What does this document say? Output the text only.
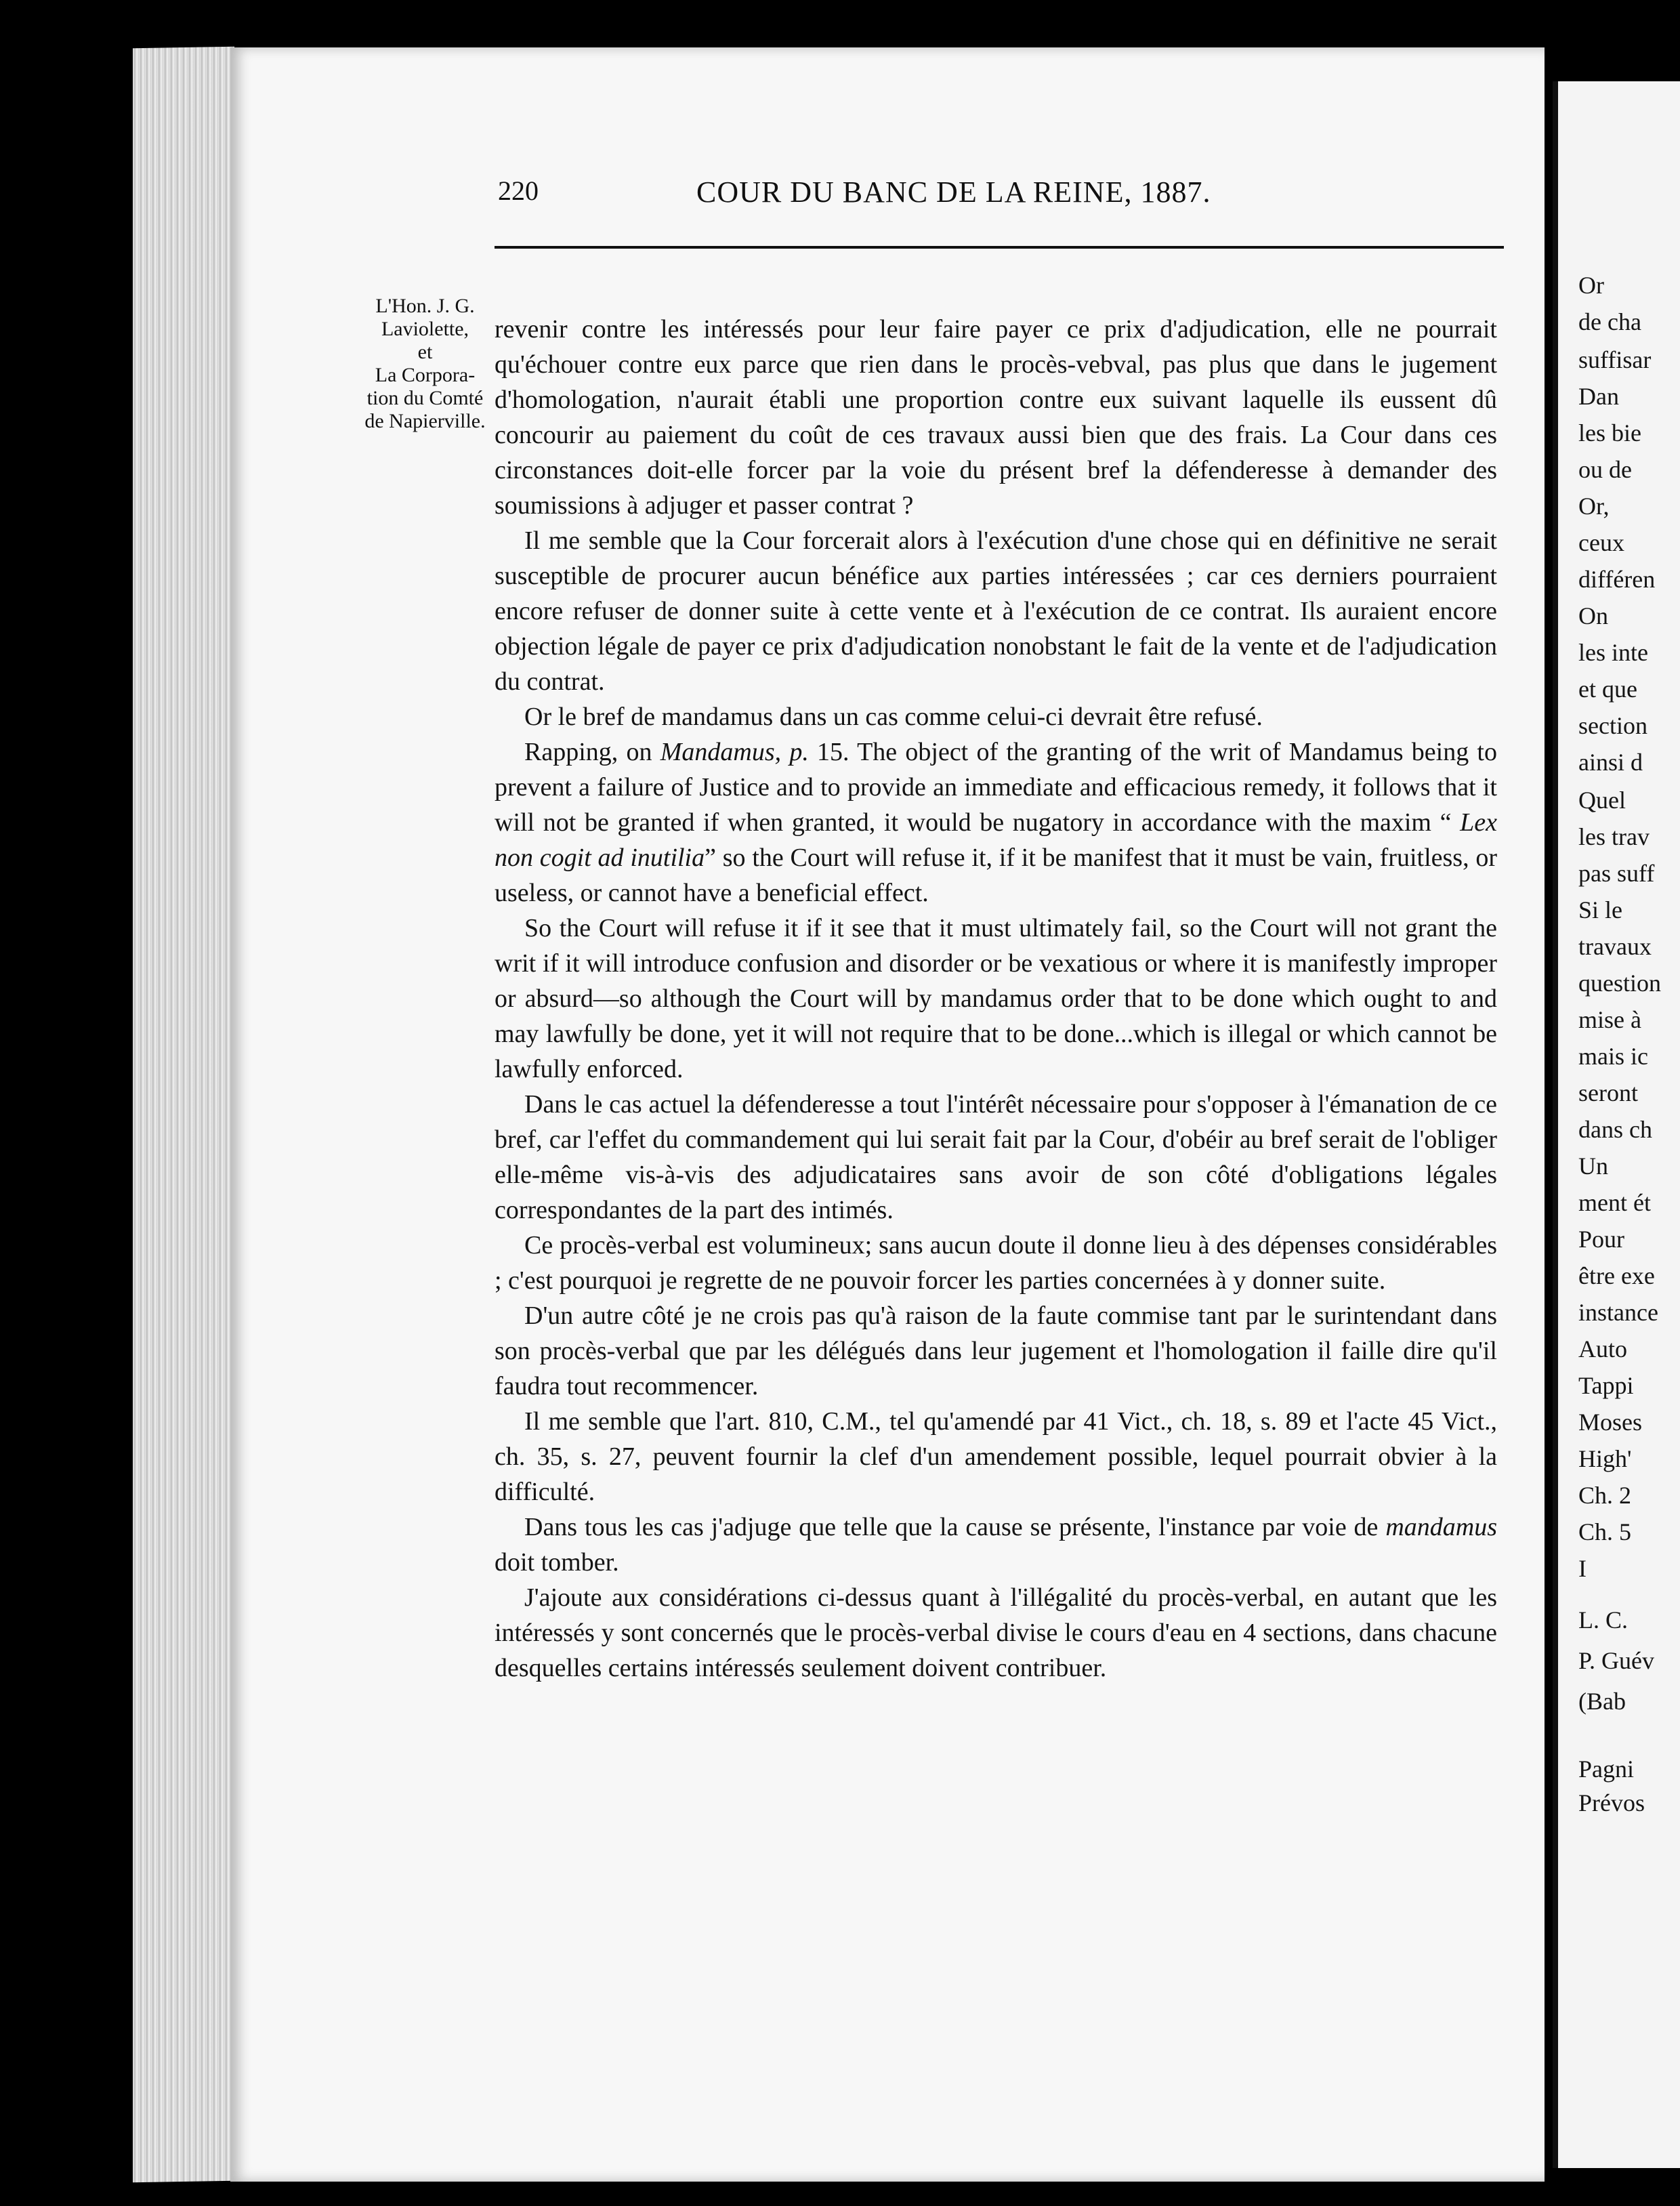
220	COUR DU BANC DE LA REINE, 1887.
L'Hon. J. G.
Laviolette,
et
La Corpora-
tion du Comté
de Napierville.

revenir contre les intéressés pour leur faire payer ce prix d'adjudication, elle ne pourrait qu'échouer contre eux parce que rien dans le procès-vebval, pas plus que dans le jugement d'homologation, n'aurait établi une proportion contre eux suivant laquelle ils eussent dû concourir au paiement du coût de ces travaux aussi bien que des frais. La Cour dans ces circonstances doit-elle forcer par la voie du présent bref la défenderesse à demander des soumissions à adjuger et passer contrat ?

Il me semble que la Cour forcerait alors à l'exécution d'une chose qui en définitive ne serait susceptible de procurer aucun bénéfice aux parties intéressées ; car ces derniers pourraient encore refuser de donner suite à cette vente et à l'exécution de ce contrat. Ils auraient encore objection légale de payer ce prix d'adjudication nonobstant le fait de la vente et de l'adjudication du contrat.

Or le bref de mandamus dans un cas comme celui-ci devrait être refusé.

Rapping, on Mandamus, p. 15. The object of the granting of the writ of Mandamus being to prevent a failure of Justice and to provide an immediate and efficacious remedy, it follows that it will not be granted if when granted, it would be nugatory in accordance with the maxim “ Lex non cogit ad inutilia” so the Court will refuse it, if it be manifest that it must be vain, fruitless, or useless, or cannot have a beneficial effect.

So the Court will refuse it if it see that it must ultimately fail, so the Court will not grant the writ if it will introduce confusion and disorder or be vexatious or where it is manifestly improper or absurd—so although the Court will by mandamus order that to be done which ought to and may lawfully be done, yet it will not require that to be done...which is illegal or which cannot be lawfully enforced.

Dans le cas actuel la défenderesse a tout l'intérêt nécessaire pour s'opposer à l'émanation de ce bref, car l'effet du commandement qui lui serait fait par la Cour, d'obéir au bref serait de l'obliger elle-même vis-à-vis des adjudicataires sans avoir de son côté d'obligations légales correspondantes de la part des intimés.

Ce procès-verbal est volumineux; sans aucun doute il donne lieu à des dépenses considérables ; c'est pourquoi je regrette de ne pouvoir forcer les parties concernées à y donner suite.

D'un autre côté je ne crois pas qu'à raison de la faute commise tant par le surintendant dans son procès-verbal que par les délégués dans leur jugement et l'homologation il faille dire qu'il faudra tout recommencer.

Il me semble que l'art. 810, C.M., tel qu'amendé par 41 Vict., ch. 18, s. 89 et l'acte 45 Vict., ch. 35, s. 27, peuvent fournir la clef d'un amendement possible, lequel pourrait obvier à la difficulté.

Dans tous les cas j'adjuge que telle que la cause se présente, l'instance par voie de mandamus doit tomber.

J'ajoute aux considérations ci-dessus quant à l'illégalité du procès-verbal, en autant que les intéressés y sont concernés que le procès-verbal divise le cours d'eau en 4 sections, dans chacune desquelles certains intéressés seulement doivent contribuer.

Or
de cha
suffisar
Dan
les bie
ou de
Or,
ceux
différen
On
les inte
et que
section
ainsi d
Quel
les trav
pas suff
Si le
travaux
question
mise à
mais ic
seront
dans ch
Un
ment ét
Pour
être exe
instance
Auto
Tappi
Moses
High'
Ch. 2
Ch. 5
I
L. C.
P. Guév
(Bab
Pagni
Prévos
